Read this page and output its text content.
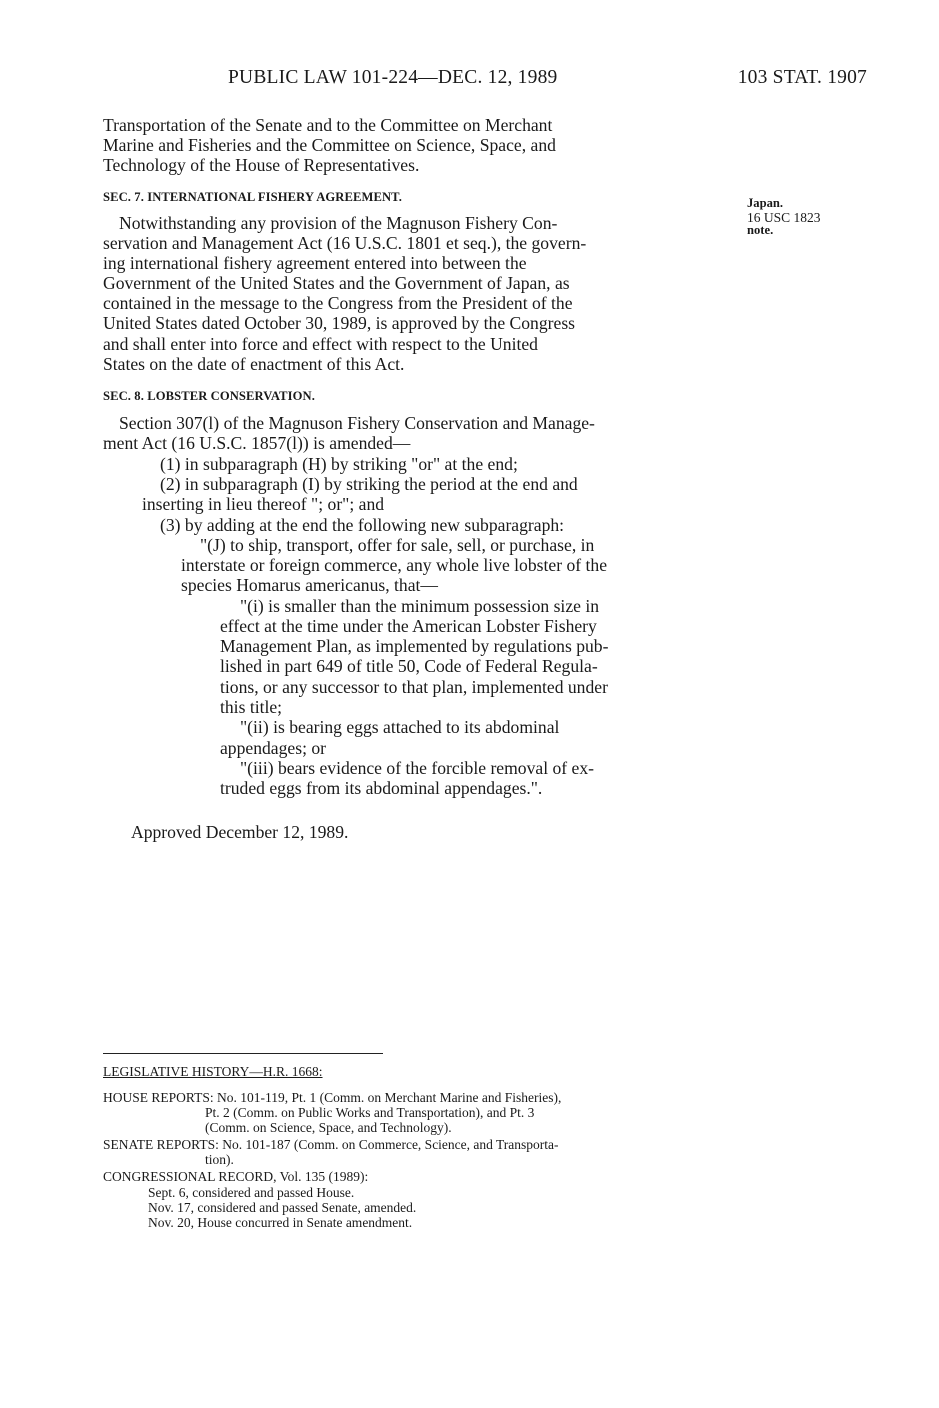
PUBLIC LAW 101-224—DEC. 12, 1989	103 STAT. 1907
Transportation of the Senate and to the Committee on Merchant
Marine and Fisheries and the Committee on Science, Space, and
Technology of the House of Representatives.
SEC. 7. INTERNATIONAL FISHERY AGREEMENT.
Notwithstanding any provision of the Magnuson Fishery Con-
servation and Management Act (16 U.S.C. 1801 et seq.), the govern-
ing international fishery agreement entered into between the
Government of the United States and the Government of Japan, as
contained in the message to the Congress from the President of the
United States dated October 30, 1989, is approved by the Congress
and shall enter into force and effect with respect to the United
States on the date of enactment of this Act.
Japan.
16 USC 1823
note.
SEC. 8. LOBSTER CONSERVATION.
Section 307(l) of the Magnuson Fishery Conservation and Manage-
ment Act (16 U.S.C. 1857(l)) is amended—
(1) in subparagraph (H) by striking "or" at the end;
(2) in subparagraph (I) by striking the period at the end and
inserting in lieu thereof "; or"; and
(3) by adding at the end the following new subparagraph:
"(J) to ship, transport, offer for sale, sell, or purchase, in
interstate or foreign commerce, any whole live lobster of the
species Homarus americanus, that—
"(i) is smaller than the minimum possession size in
effect at the time under the American Lobster Fishery
Management Plan, as implemented by regulations pub-
lished in part 649 of title 50, Code of Federal Regula-
tions, or any successor to that plan, implemented under
this title;
"(ii) is bearing eggs attached to its abdominal
appendages; or
"(iii) bears evidence of the forcible removal of ex-
truded eggs from its abdominal appendages.".
Approved December 12, 1989.
LEGISLATIVE HISTORY—H.R. 1668:
HOUSE REPORTS: No. 101-119, Pt. 1 (Comm. on Merchant Marine and Fisheries),
Pt. 2 (Comm. on Public Works and Transportation), and Pt. 3
(Comm. on Science, Space, and Technology).
SENATE REPORTS: No. 101-187 (Comm. on Commerce, Science, and Transporta-
tion).
CONGRESSIONAL RECORD, Vol. 135 (1989):
Sept. 6, considered and passed House.
Nov. 17, considered and passed Senate, amended.
Nov. 20, House concurred in Senate amendment.
